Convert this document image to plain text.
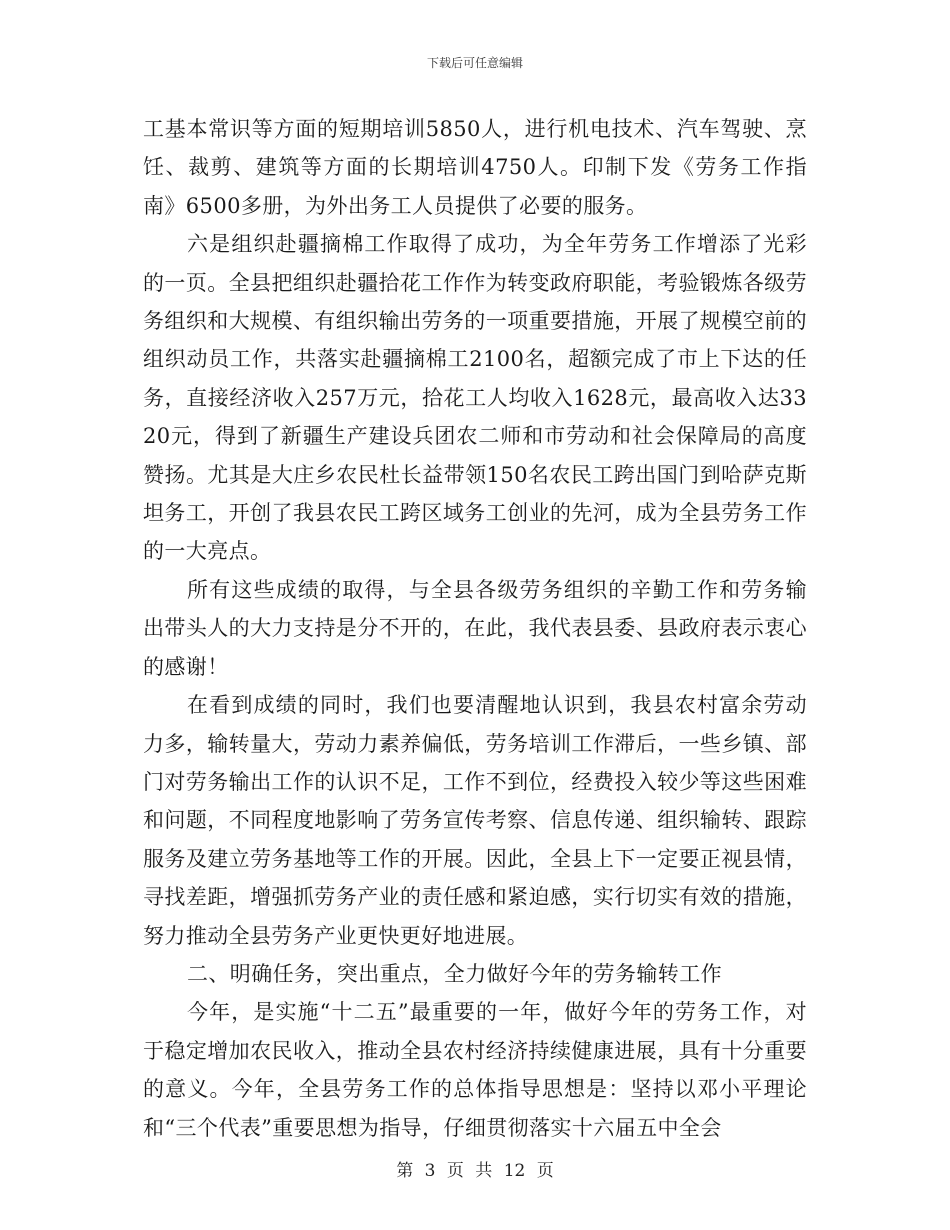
下载后可任意编辑

工基本常识等方面的短期培训5850人，进行机电技术、汽车驾驶、烹饪、裁剪、建筑等方面的长期培训4750人。印制下发《劳务工作指南》6500多册，为外出务工人员提供了必要的服务。

六是组织赴疆摘棉工作取得了成功，为全年劳务工作增添了光彩的一页。全县把组织赴疆拾花工作作为转变政府职能，考验锻炼各级劳务组织和大规模、有组织输出劳务的一项重要措施，开展了规模空前的组织动员工作，共落实赴疆摘棉工2100名，超额完成了市上下达的任务，直接经济收入257万元，拾花工人均收入1628元，最高收入达3320元，得到了新疆生产建设兵团农二师和市劳动和社会保障局的高度赞扬。尤其是大庄乡农民杜长益带领150名农民工跨出国门到哈萨克斯坦务工，开创了我县农民工跨区域务工创业的先河，成为全县劳务工作的一大亮点。

所有这些成绩的取得，与全县各级劳务组织的辛勤工作和劳务输出带头人的大力支持是分不开的，在此，我代表县委、县政府表示衷心的感谢！

在看到成绩的同时，我们也要清醒地认识到，我县农村富余劳动力多，输转量大，劳动力素养偏低，劳务培训工作滞后，一些乡镇、部门对劳务输出工作的认识不足，工作不到位，经费投入较少等这些困难和问题，不同程度地影响了劳务宣传考察、信息传递、组织输转、跟踪服务及建立劳务基地等工作的开展。因此，全县上下一定要正视县情，寻找差距，增强抓劳务产业的责任感和紧迫感，实行切实有效的措施，努力推动全县劳务产业更快更好地进展。

二、明确任务，突出重点，全力做好今年的劳务输转工作

今年，是实施“十二五”最重要的一年，做好今年的劳务工作，对于稳定增加农民收入，推动全县农村经济持续健康进展，具有十分重要的意义。今年，全县劳务工作的总体指导思想是：坚持以邓小平理论和“三个代表”重要思想为指导，仔细贯彻落实十六届五中全会

第 3 页 共 12 页
